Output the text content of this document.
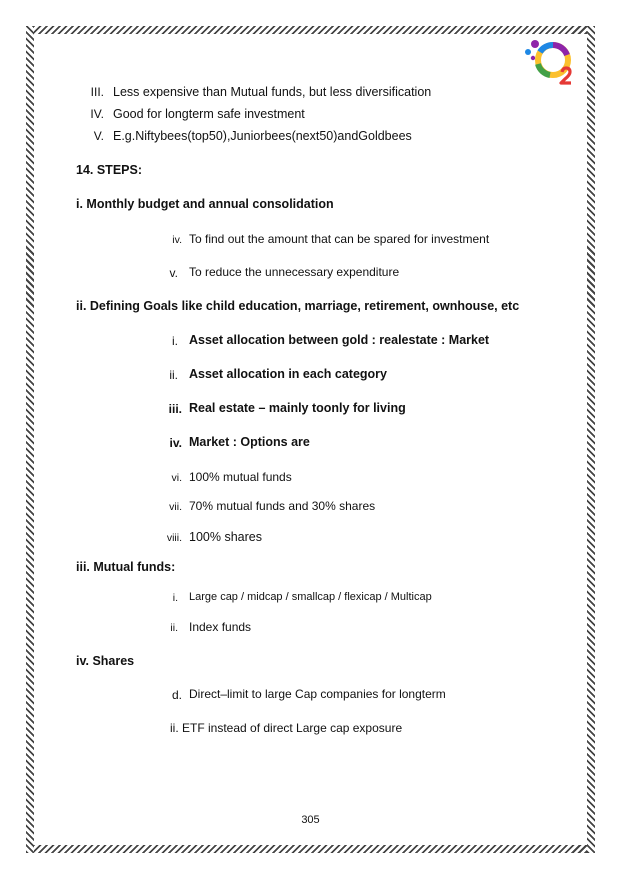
III. Less expensive than Mutual funds, but less diversification
IV. Good for longterm safe investment
V. E.g.Niftybees(top50),Juniorbees(next50)andGoldbees
14. STEPS:
i. Monthly budget and annual consolidation
iv. To find out the amount that can be spared for investment
v. To reduce the unnecessary expenditure
ii. Defining Goals like child education, marriage, retirement, ownhouse, etc
i. Asset allocation between gold : realestate : Market
ii. Asset allocation in each category
iii. Real estate – mainly toonly for living
iv. Market : Options are
vi. 100% mutual funds
vii. 70% mutual funds and 30% shares
viii. 100% shares
iii. Mutual funds:
i. Large cap / midcap / smallcap / flexicap / Multicap
ii. Index funds
iv. Shares
d. Direct–limit to large Cap companies for longterm
ii. ETF instead of direct Large cap exposure
305
